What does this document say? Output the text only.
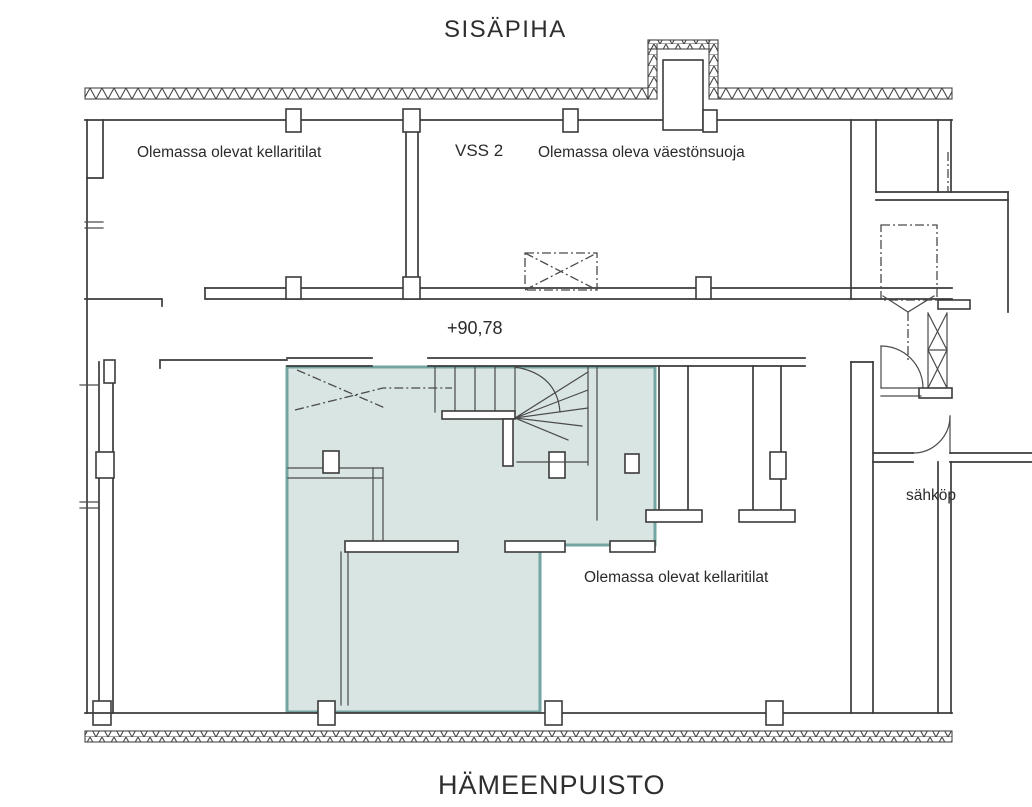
SISÄPIHA
Olemassa olevat kellaritilat	VSS 2 Olemassa oleva väestönsuoja
+90,78
Olemassa olevat kellaritilat
sähköp
HÄMEENPUISTO
